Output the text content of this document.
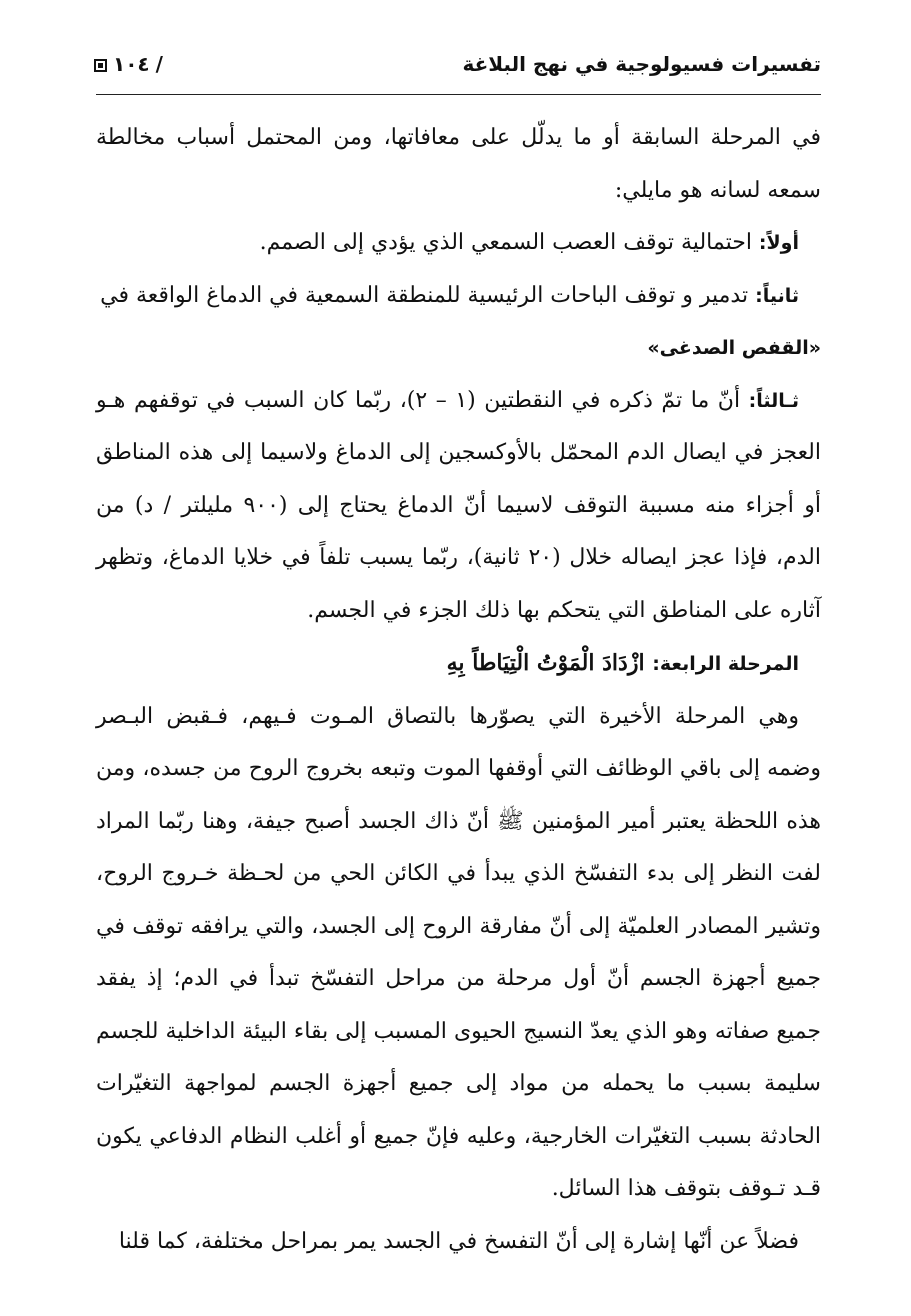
تفسيرات فسيولوجية في نهج البلاغة
١٠٤ /

في المرحلة السابقة أو ما يدلّل على معافاتها، ومن المحتمل أسباب مخالطة سمعه لسانه هو مايلي:

أولاً: احتمالية توقف العصب السمعي الذي يؤدي إلى الصمم.

ثانياً: تدمير و توقف الباحات الرئيسية للمنطقة السمعية في الدماغ الواقعة في

«القفص الصدغى»

ثـالثاً: أنّ ما تمّ ذكره في النقطتين (١ – ٢)، ربّما كان السبب في توقفهم هـو العجز في ايصال الدم المحمّل بالأوكسجين إلى الدماغ ولاسيما إلى هذه المناطق أو أجزاء منه مسببة التوقف لاسيما أنّ الدماغ يحتاج إلى (٩٠٠ مليلتر / د) من الدم، فإذا عجز ايصاله خلال (٢٠ ثانية)، ربّما يسبب تلفاً في خلايا الدماغ، وتظهر آثاره على المناطق التي يتحكم بها ذلك الجزء في الجسم.

المرحلة الرابعة: ازْدَادَ الْمَوْتُ الْتِيَاطاً بِهِ

وهي المرحلة الأخيرة التي يصوّرها بالتصاق المـوت فـيهم، فـقبض البـصر وضمه إلى باقي الوظائف التي أوقفها الموت وتبعه بخروج الروح من جسده، ومن هذه اللحظة يعتبر أمير المؤمنين ﷺ أنّ ذاك الجسد أصبح جيفة، وهنا ربّما المراد لفت النظر إلى بدء التفسّخ الذي يبدأ في الكائن الحي من لحـظة خـروج الروح، وتشير المصادر العلميّة إلى أنّ مفارقة الروح إلى الجسد، والتي يرافقه توقف في جميع أجهزة الجسم أنّ أول مرحلة من مراحل التفسّخ تبدأ في الدم؛ إذ يفقد جميع صفاته وهو الذي يعدّ النسيج الحيوى المسبب إلى بقاء البيئة الداخلية للجسم سليمة بسبب ما يحمله من مواد إلى جميع أجهزة الجسم لمواجهة التغيّرات الحادثة بسبب التغيّرات الخارجية، وعليه فإنّ جميع أو أغلب النظام الدفاعي يكون قـد تـوقف بتوقف هذا السائل.

فضلاً عن أنّها إشارة إلى أنّ التفسخ في الجسد يمر بمراحل مختلفة، كما قلنا
